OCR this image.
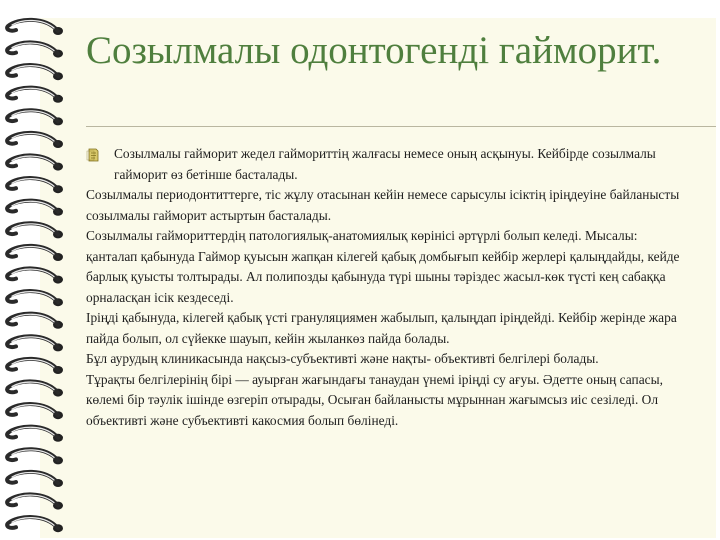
Созылмалы одонтогенді гайморит.

Созылмалы гайморит жедел гаймориттің жалғасы немесе оның асқынуы. Кейбірде созылмалы гайморит өз бетінше басталады.

Созылмалы периодонтиттерге, тіс жұлу отасынан кейін немесе сарысулы ісіктің іріңдеуіне байланысты созылмалы гайморит астыртын басталады.

Созылмалы гаймориттердің патологиялық-анатомиялық көрінісі әртүрлі болып келеді. Мысалы: қанталап қабынуда Гаймор қуысын жапқан кілегей қабық домбығып кейбір жерлері қалыңдайды, кейде барлық қуысты толтырады. Ал полипозды қабынуда түрі шыны тәріздес жасыл-көк түсті кең сабаққа орналасқан ісік кездеседі.

Іріңді қабынуда, кілегей қабық үсті грануляциямен жабылып, қалыңдап іріңдейді. Кейбір жерінде жара пайда болып, ол сүйекке шауып, кейін жыланкөз пайда болады.

Бұл аурудың клиникасында нақсыз-субъективті және нақты- объективті белгілері болады.

Тұрақты белгілерінің бірі — ауырған жағындағы танаудан үнемі іріңді су ағуы. Әдетте оның сапасы, көлемі бір тәулік ішінде өзгеріп отырады, Осыған байланысты мұрыннан жағымсыз иіс сезіледі. Ол объективті және субъективті какосмия болып бөлінеді.
